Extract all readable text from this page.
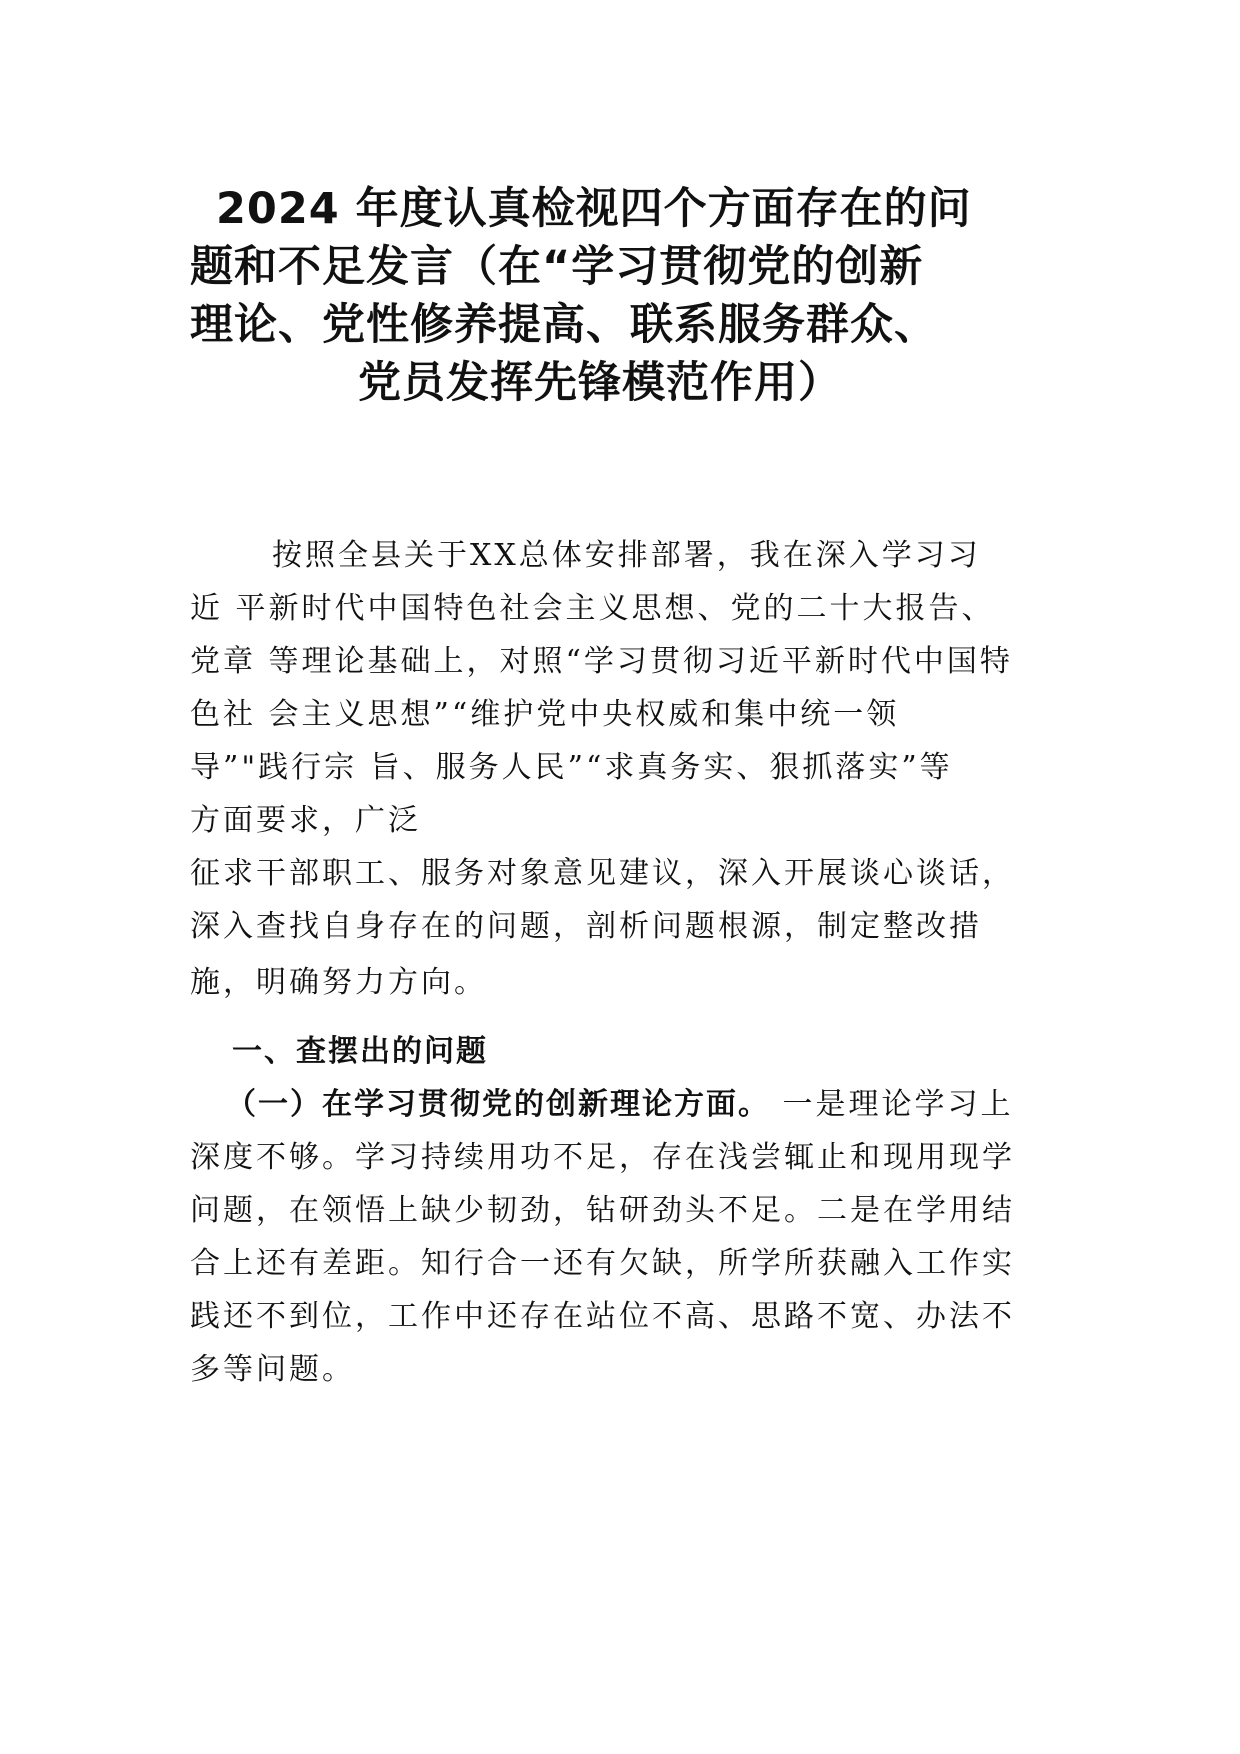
2024 年度认真检视四个方面存在的问
题和不足发言（在“学习贯彻党的创新
理论、党性修养提高、联系服务群众、
党员发挥先锋模范作用）
按照全县关于XX总体安排部署，我在深入学习习
近 平新时代中国特色社会主义思想、党的二十大报告、
党章 等理论基础上，对照“学习贯彻习近平新时代中国特
色社 会主义思想”“维护党中央权威和集中统一领
导”"践行宗 旨、服务人民”“求真务实、狠抓落实”等
方面要求，广泛
征求干部职工、服务对象意见建议，深入开展谈心谈话，
深入查找自身存在的问题，剖析问题根源，制定整改措
施，明确努力方向。
一、查摆出的问题
（一）在学习贯彻党的创新理论方面。 一是理论学习上
深度不够。学习持续用功不足，存在浅尝辄止和现用现学
问题，在领悟上缺少韧劲，钻研劲头不足。二是在学用结
合上还有差距。知行合一还有欠缺，所学所获融入工作实
践还不到位，工作中还存在站位不高、思路不宽、办法不
多等问题。
